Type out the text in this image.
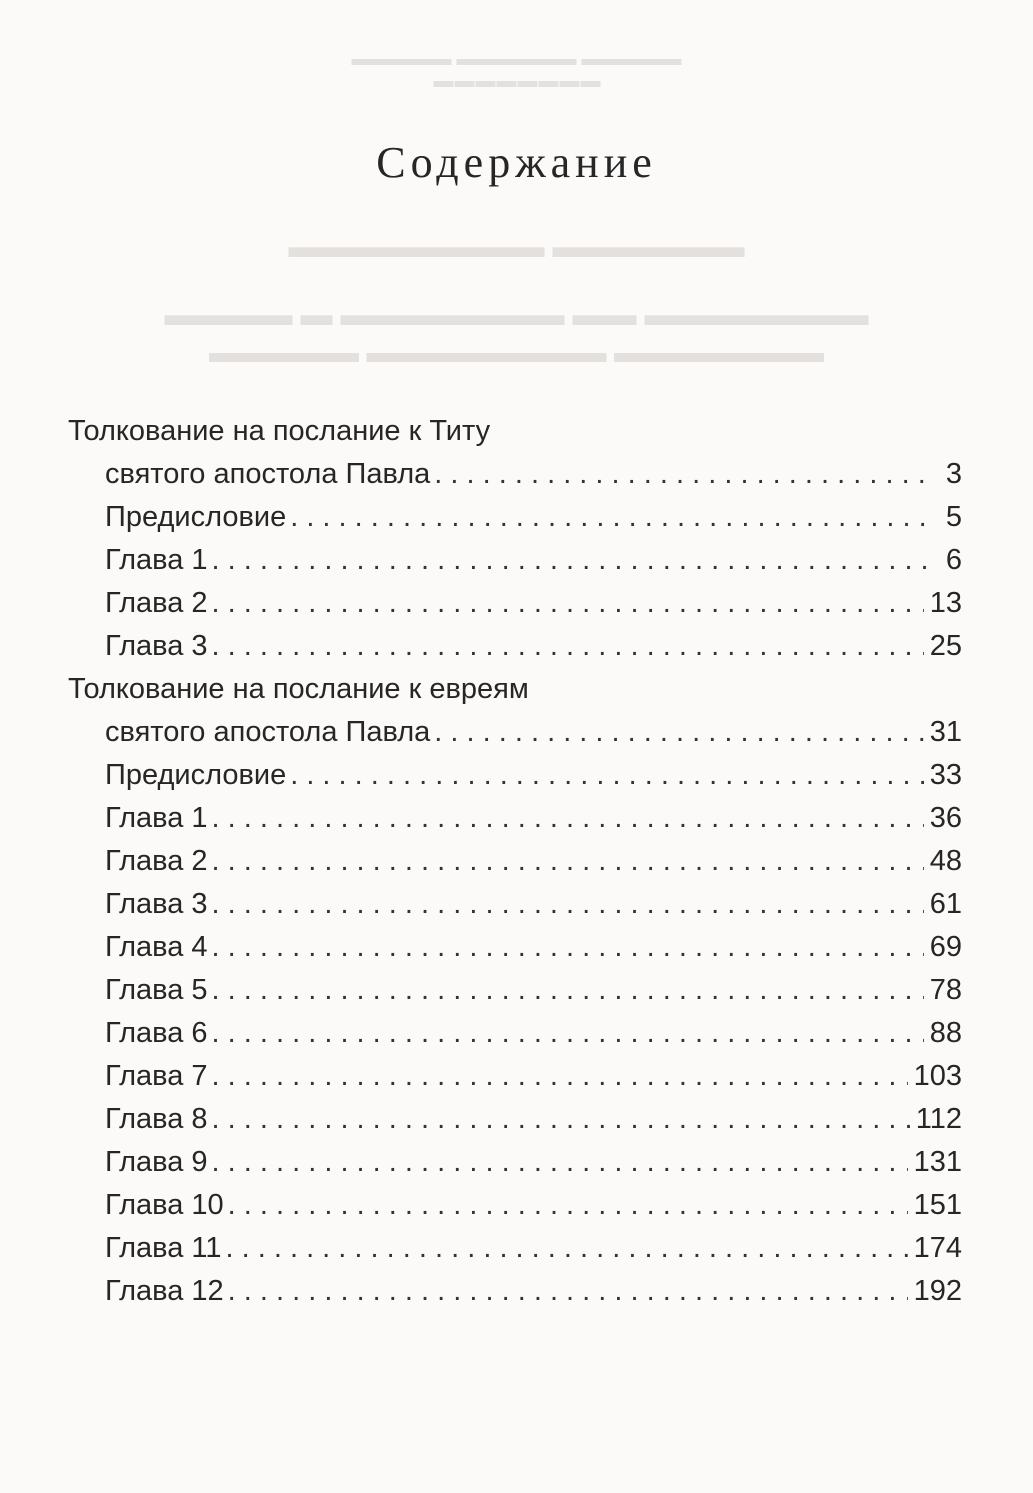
▬▬▬▬▬ ▬▬▬▬▬▬ ▬▬▬▬▬
▬▬▬▬▬▬▬▬
▬▬▬▬▬▬ ▬▬▬▬▬▬▬▬
▬▬▬▬▬▬▬ ▬▬ ▬▬▬▬▬▬▬ ▬ ▬▬▬▬
▬▬▬▬▬▬▬ ▬▬▬▬▬▬▬▬ ▬▬▬▬▬
Содержание
Толкование на послание к Титу
святого апостола Павла . . .	3
Предисловие . . .	5
Глава 1 . . .	6
Глава 2 . . .	13
Глава 3 . . .	25
Толкование на послание к евреям
святого апостола Павла . . .	31
Предисловие . . .	33
Глава 1 . . .	36
Глава 2 . . .	48
Глава 3 . . .	61
Глава 4 . . .	69
Глава 5 . . .	78
Глава 6 . . .	88
Глава 7 . . .	103
Глава 8 . . .	112
Глава 9 . . .	131
Глава 10 . . .	151
Глава 11 . . .	174
Глава 12 . . .	192
